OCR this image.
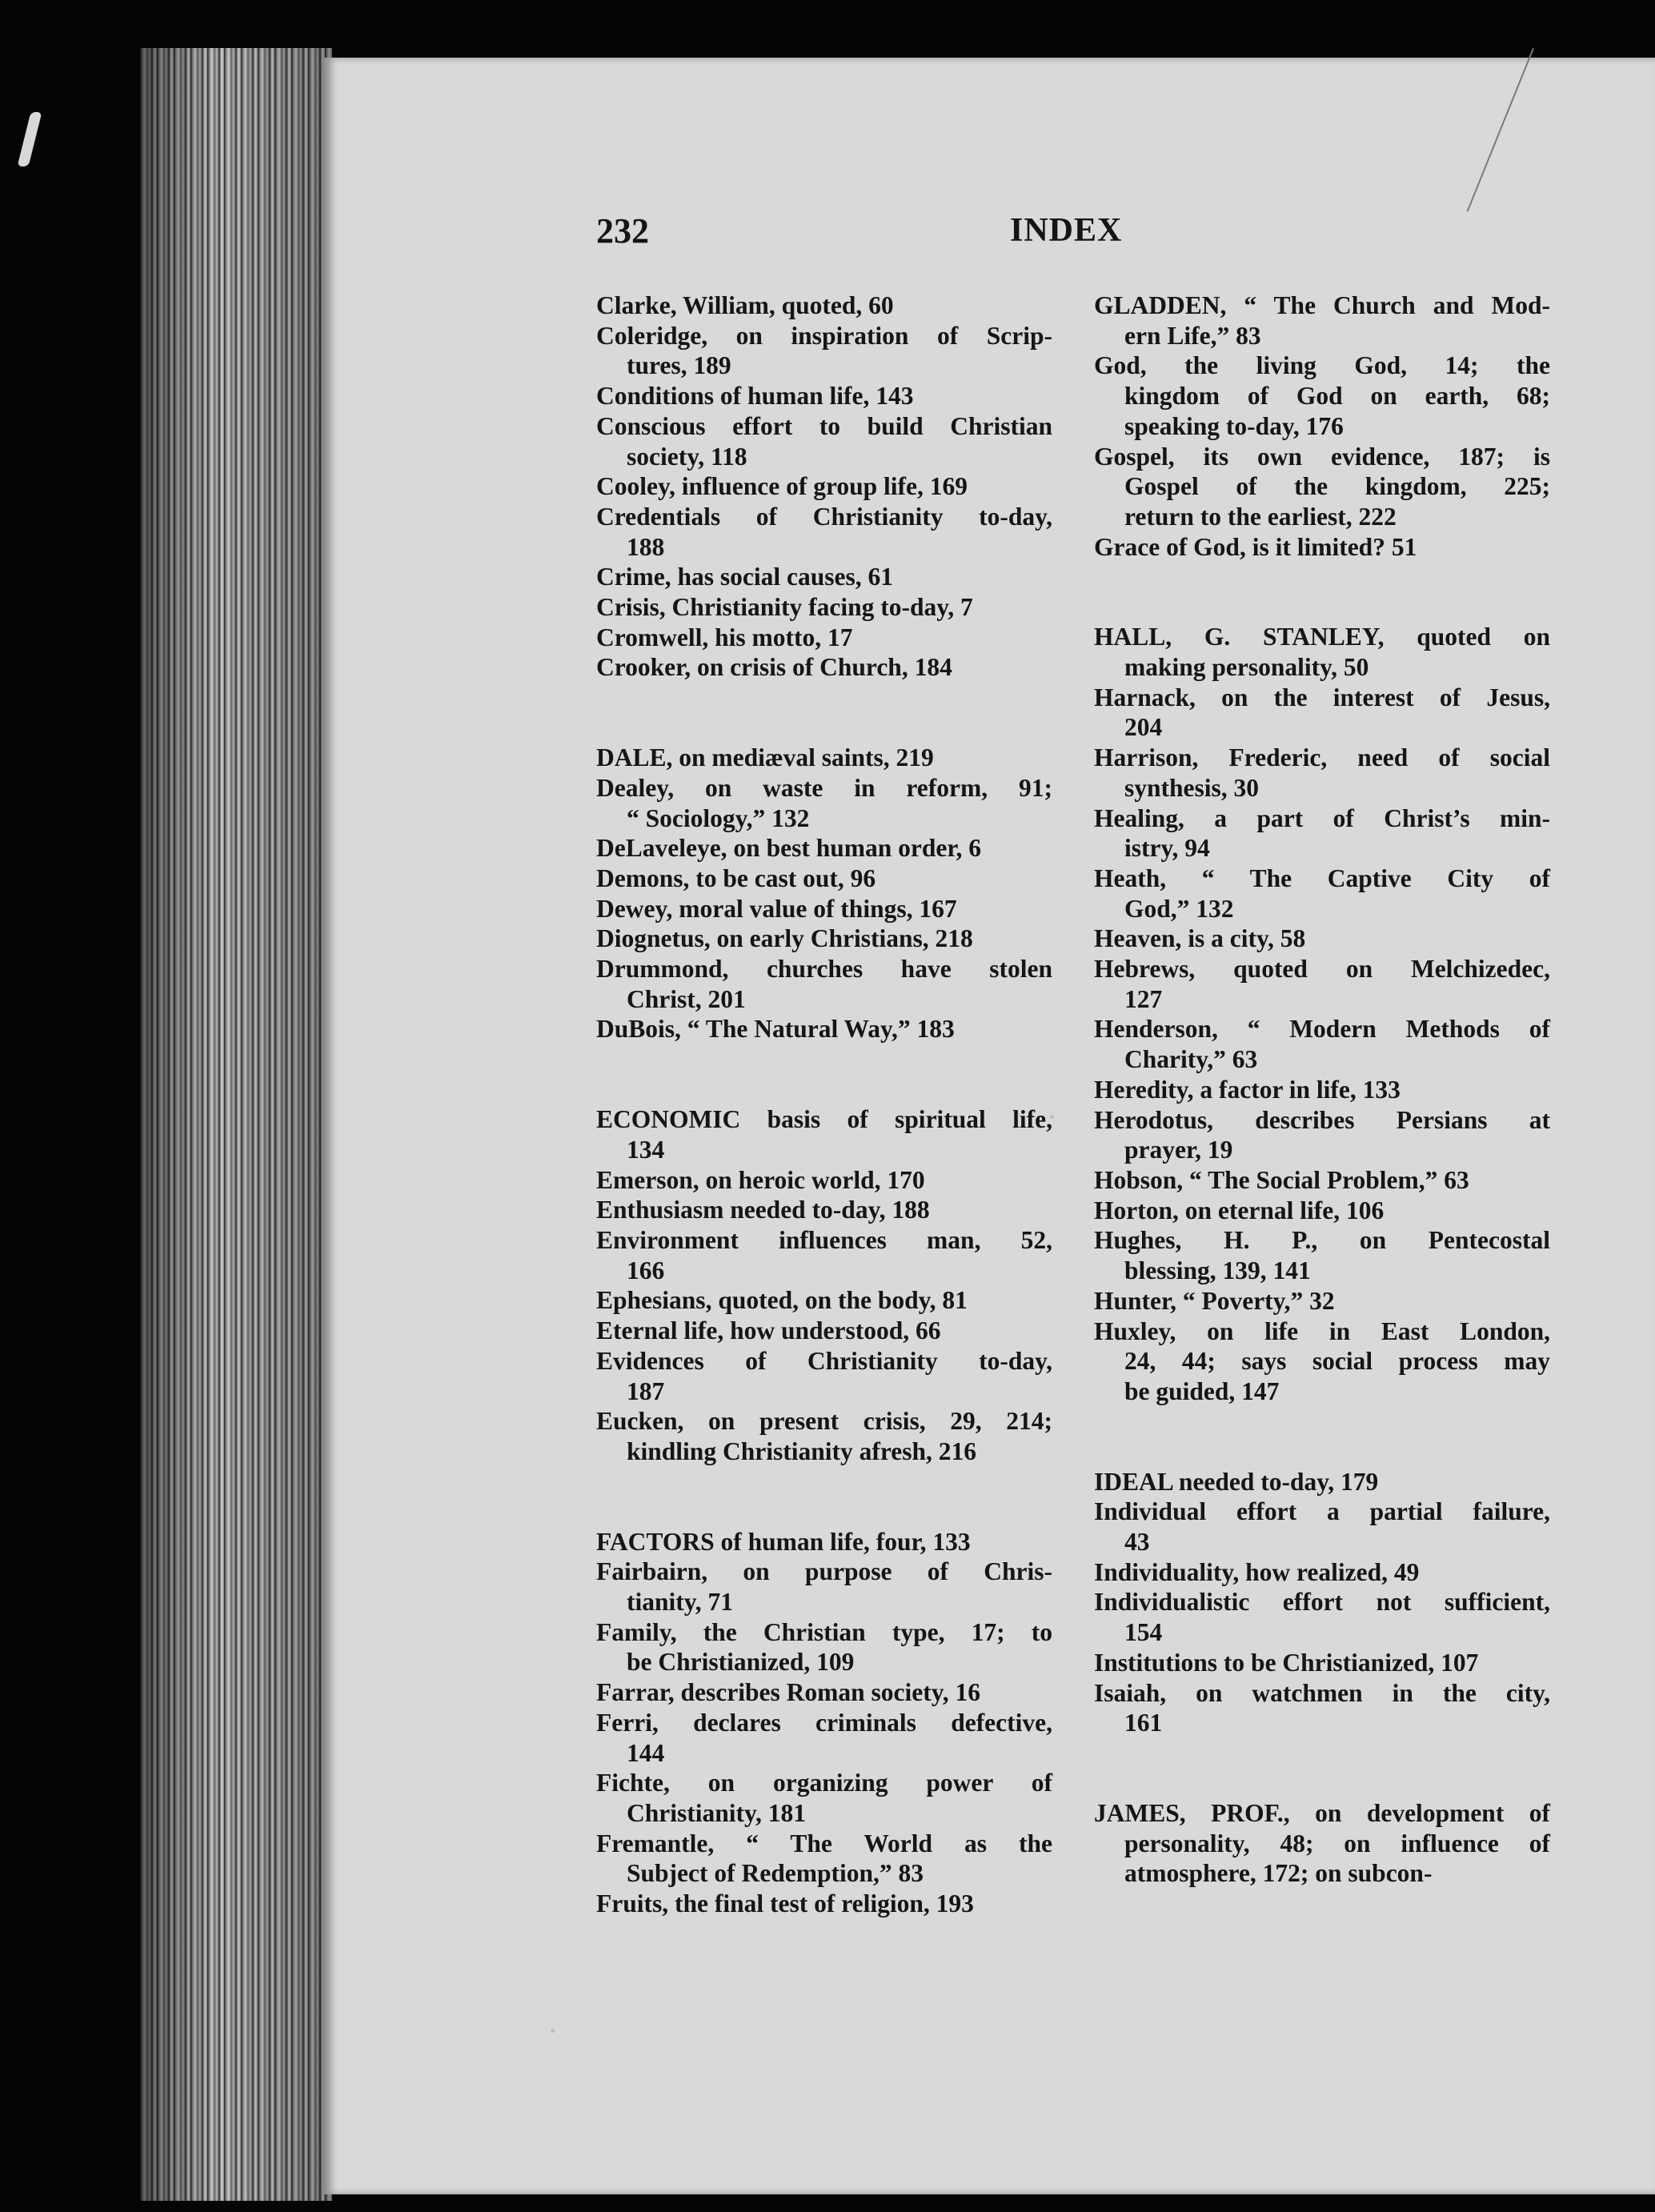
232	INDEX
Clarke, William, quoted, 60
Coleridge, on inspiration of Scrip-
tures, 189
Conditions of human life, 143
Conscious effort to build Christian
society, 118
Cooley, influence of group life, 169
Credentials of Christianity to-day,
188
Crime, has social causes, 61
Crisis, Christianity facing to-day, 7
Cromwell, his motto, 17
Crooker, on crisis of Church, 184
DALE, on mediæval saints, 219
Dealey, on waste in reform, 91;
“ Sociology,” 132
DeLaveleye, on best human order, 6
Demons, to be cast out, 96
Dewey, moral value of things, 167
Diognetus, on early Christians, 218
Drummond, churches have stolen
Christ, 201
DuBois, “ The Natural Way,” 183
ECONOMIC basis of spiritual life,
134
Emerson, on heroic world, 170
Enthusiasm needed to-day, 188
Environment influences man, 52,
166
Ephesians, quoted, on the body, 81
Eternal life, how understood, 66
Evidences of Christianity to-day,
187
Eucken, on present crisis, 29, 214;
kindling Christianity afresh, 216
FACTORS of human life, four, 133
Fairbairn, on purpose of Chris-
tianity, 71
Family, the Christian type, 17; to
be Christianized, 109
Farrar, describes Roman society, 16
Ferri, declares criminals defective,
144
Fichte, on organizing power of
Christianity, 181
Fremantle, “ The World as the
Subject of Redemption,” 83
Fruits, the final test of religion, 193
GLADDEN, “ The Church and Mod-
ern Life,” 83
God, the living God, 14; the
kingdom of God on earth, 68;
speaking to-day, 176
Gospel, its own evidence, 187; is
Gospel of the kingdom, 225;
return to the earliest, 222
Grace of God, is it limited? 51
HALL, G. STANLEY, quoted on
making personality, 50
Harnack, on the interest of Jesus,
204
Harrison, Frederic, need of social
synthesis, 30
Healing, a part of Christ’s min-
istry, 94
Heath, “ The Captive City of
God,” 132
Heaven, is a city, 58
Hebrews, quoted on Melchizedec,
127
Henderson, “ Modern Methods of
Charity,” 63
Heredity, a factor in life, 133
Herodotus, describes Persians at
prayer, 19
Hobson, “ The Social Problem,” 63
Horton, on eternal life, 106
Hughes, H. P., on Pentecostal
blessing, 139, 141
Hunter, “ Poverty,” 32
Huxley, on life in East London,
24, 44; says social process may
be guided, 147
IDEAL needed to-day, 179
Individual effort a partial failure,
43
Individuality, how realized, 49
Individualistic effort not sufficient,
154
Institutions to be Christianized, 107
Isaiah, on watchmen in the city,
161
JAMES, PROF., on development of
personality, 48; on influence of
atmosphere, 172; on subcon-
